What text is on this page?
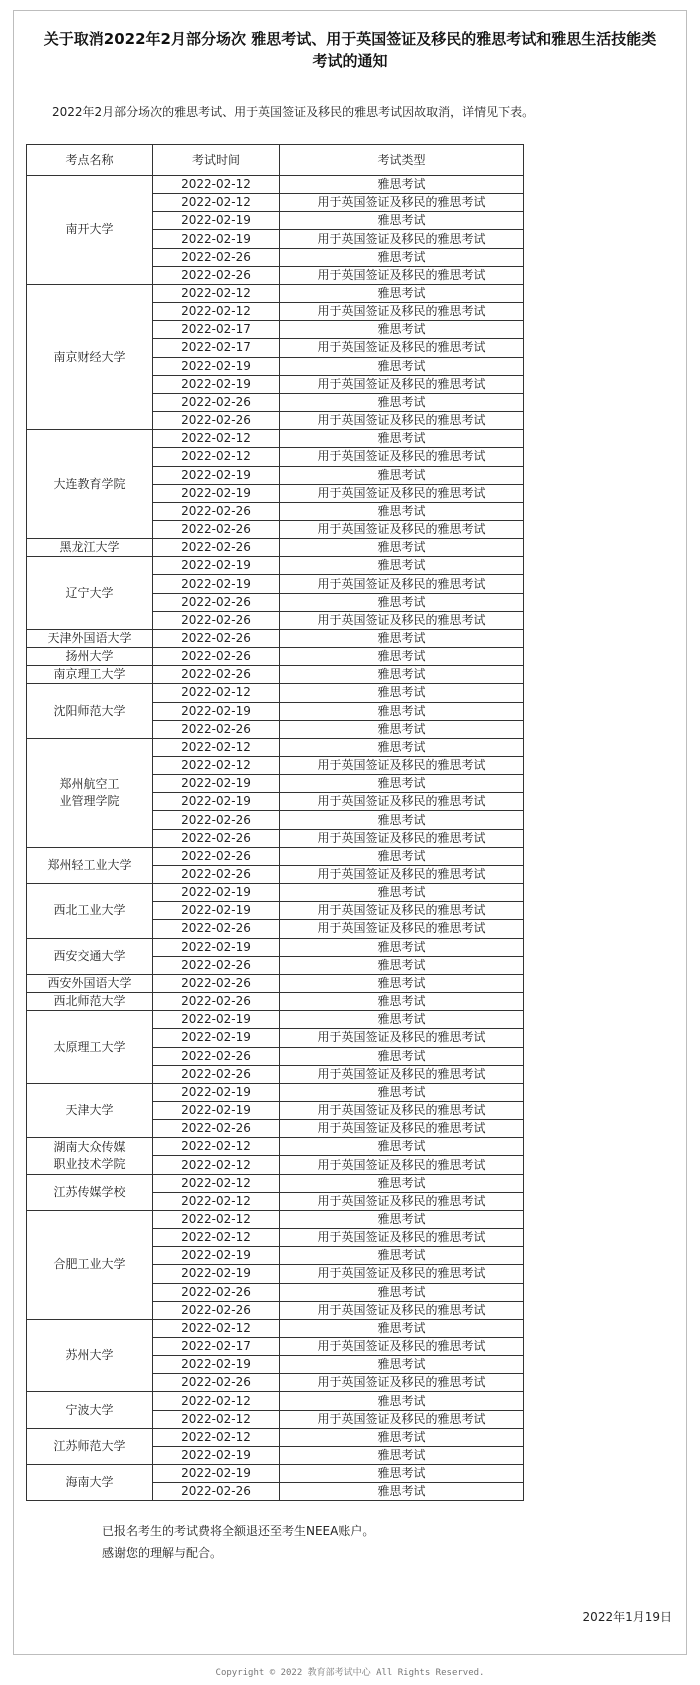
关于取消2022年2月部分场次 雅思考试、用于英国签证及移民的雅思考试和雅思生活技能类
考试的通知
2022年2月部分场次的雅思考试、用于英国签证及移民的雅思考试因故取消，详情见下表。
考点名称	考试时间	考试类型
南开大学	2022-02-12	雅思考试
	2022-02-12	用于英国签证及移民的雅思考试
	2022-02-19	雅思考试
	2022-02-19	用于英国签证及移民的雅思考试
	2022-02-26	雅思考试
	2022-02-26	用于英国签证及移民的雅思考试
南京财经大学	2022-02-12	雅思考试
	2022-02-12	用于英国签证及移民的雅思考试
	2022-02-17	雅思考试
	2022-02-17	用于英国签证及移民的雅思考试
	2022-02-19	雅思考试
	2022-02-19	用于英国签证及移民的雅思考试
	2022-02-26	雅思考试
	2022-02-26	用于英国签证及移民的雅思考试
大连教育学院	2022-02-12	雅思考试
	2022-02-12	用于英国签证及移民的雅思考试
	2022-02-19	雅思考试
	2022-02-19	用于英国签证及移民的雅思考试
	2022-02-26	雅思考试
	2022-02-26	用于英国签证及移民的雅思考试
黑龙江大学	2022-02-26	雅思考试
辽宁大学	2022-02-19	雅思考试
	2022-02-19	用于英国签证及移民的雅思考试
	2022-02-26	雅思考试
	2022-02-26	用于英国签证及移民的雅思考试
天津外国语大学	2022-02-26	雅思考试
扬州大学	2022-02-26	雅思考试
南京理工大学	2022-02-26	雅思考试
沈阳师范大学	2022-02-12	雅思考试
	2022-02-19	雅思考试
	2022-02-26	雅思考试

郑州航空工
业管理学院	2022-02-12	雅思考试
	2022-02-12	用于英国签证及移民的雅思考试
	2022-02-19	雅思考试
	2022-02-19	用于英国签证及移民的雅思考试
	2022-02-26	雅思考试
	2022-02-26	用于英国签证及移民的雅思考试
郑州轻工业大学	2022-02-26	雅思考试
	2022-02-26	用于英国签证及移民的雅思考试
西北工业大学	2022-02-19	雅思考试
	2022-02-19	用于英国签证及移民的雅思考试
	2022-02-26	用于英国签证及移民的雅思考试
西安交通大学	2022-02-19	雅思考试
	2022-02-26	雅思考试
西安外国语大学	2022-02-26	雅思考试
西北师范大学	2022-02-26	雅思考试
太原理工大学	2022-02-19	雅思考试
	2022-02-19	用于英国签证及移民的雅思考试
	2022-02-26	雅思考试
	2022-02-26	用于英国签证及移民的雅思考试
天津大学	2022-02-19	雅思考试
	2022-02-19	用于英国签证及移民的雅思考试
	2022-02-26	用于英国签证及移民的雅思考试

湖南大众传媒
职业技术学院	2022-02-12	雅思考试
	2022-02-12	用于英国签证及移民的雅思考试
江苏传媒学校	2022-02-12	雅思考试
	2022-02-12	用于英国签证及移民的雅思考试
合肥工业大学	2022-02-12	雅思考试
	2022-02-12	用于英国签证及移民的雅思考试
	2022-02-19	雅思考试
	2022-02-19	用于英国签证及移民的雅思考试
	2022-02-26	雅思考试
	2022-02-26	用于英国签证及移民的雅思考试
苏州大学	2022-02-12	雅思考试
	2022-02-17	用于英国签证及移民的雅思考试
	2022-02-19	雅思考试
	2022-02-26	用于英国签证及移民的雅思考试
宁波大学	2022-02-12	雅思考试
	2022-02-12	用于英国签证及移民的雅思考试
江苏师范大学	2022-02-12	雅思考试
	2022-02-19	雅思考试
海南大学	2022-02-19	雅思考试
	2022-02-26	雅思考试
已报名考生的考试费将全额退还至考生NEEA账户。
感谢您的理解与配合。
2022年1月19日
Copyright © 2022 教育部考试中心 All Rights Reserved.
